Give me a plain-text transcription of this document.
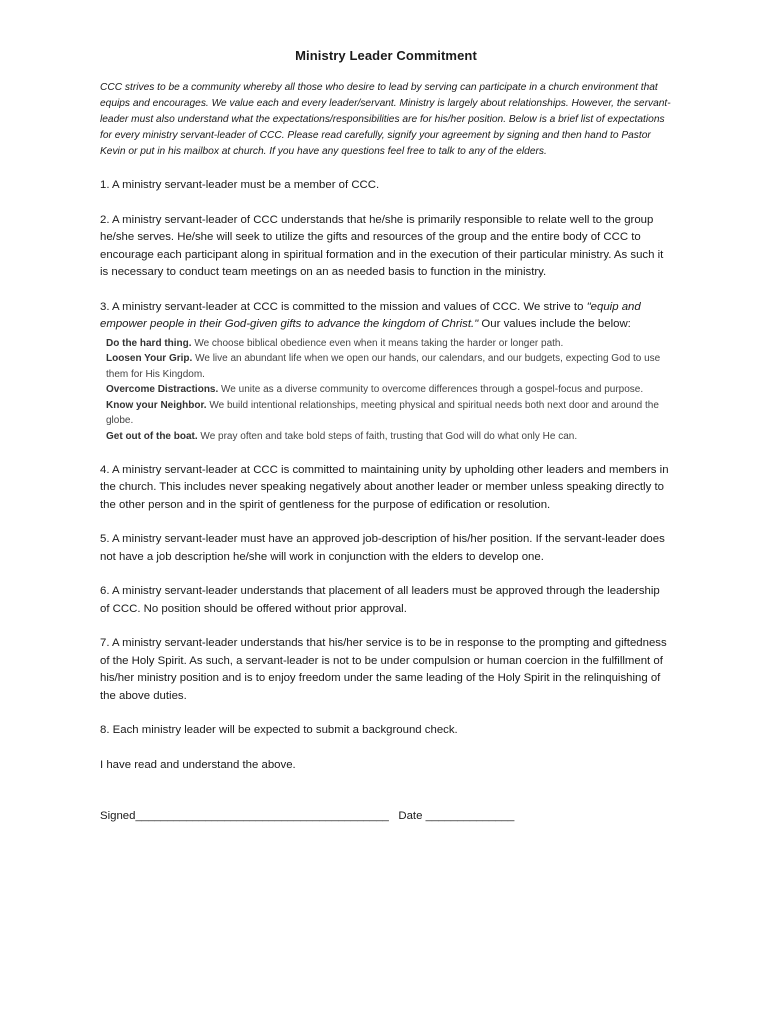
Ministry Leader Commitment

CCC strives to be a community whereby all those who desire to lead by serving can participate in a church environment that equips and encourages. We value each and every leader/servant. Ministry is largely about relationships. However, the servant-leader must also understand what the expectations/responsibilities are for his/her position. Below is a brief list of expectations for every ministry servant-leader of CCC. Please read carefully, signify your agreement by signing and then hand to Pastor Kevin or put in his mailbox at church. If you have any questions feel free to talk to any of the elders.

1. A ministry servant-leader must be a member of CCC.

2. A ministry servant-leader of CCC understands that he/she is primarily responsible to relate well to the group he/she serves. He/she will seek to utilize the gifts and resources of the group and the entire body of CCC to encourage each participant along in spiritual formation and in the execution of their particular ministry. As such it is necessary to conduct team meetings on an as needed basis to function in the ministry.

3. A ministry servant-leader at CCC is committed to the mission and values of CCC. We strive to "equip and empower people in their God-given gifts to advance the kingdom of Christ." Our values include the below:

Do the hard thing. We choose biblical obedience even when it means taking the harder or longer path.

Loosen Your Grip. We live an abundant life when we open our hands, our calendars, and our budgets, expecting God to use them for His Kingdom.

Overcome Distractions. We unite as a diverse community to overcome differences through a gospel-focus and purpose.

Know your Neighbor. We build intentional relationships, meeting physical and spiritual needs both next door and around the globe.

Get out of the boat. We pray often and take bold steps of faith, trusting that God will do what only He can.

4. A ministry servant-leader at CCC is committed to maintaining unity by upholding other leaders and members in the church. This includes never speaking negatively about another leader or member unless speaking directly to the other person and in the spirit of gentleness for the purpose of edification or resolution.

5. A ministry servant-leader must have an approved job-description of his/her position. If the servant-leader does not have a job description he/she will work in conjunction with the elders to develop one.

6. A ministry servant-leader understands that placement of all leaders must be approved through the leadership of CCC. No position should be offered without prior approval.

7. A ministry servant-leader understands that his/her service is to be in response to the prompting and giftedness of the Holy Spirit. As such, a servant-leader is not to be under compulsion or human coercion in the fulfillment of his/her ministry position and is to enjoy freedom under the same leading of the Holy Spirit in the relinquishing of the above duties.

8. Each ministry leader will be expected to submit a background check.

I have read and understand the above.

Signed________________________________________ Date ______________
